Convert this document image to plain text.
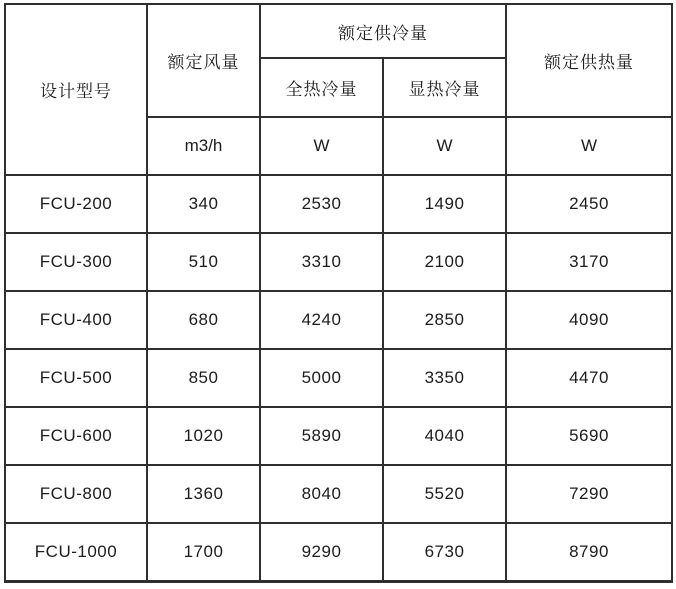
设计型号	额定风量	额定供冷量		额定供热量
		全热冷量	显热冷量	
	m3/h	W	W	W
FCU-200	340	2530	1490	2450
FCU-300	510	3310	2100	3170
FCU-400	680	4240	2850	4090
FCU-500	850	5000	3350	4470
FCU-600	1020	5890	4040	5690
FCU-800	1360	8040	5520	7290
FCU-1000	1700	9290	6730	8790
